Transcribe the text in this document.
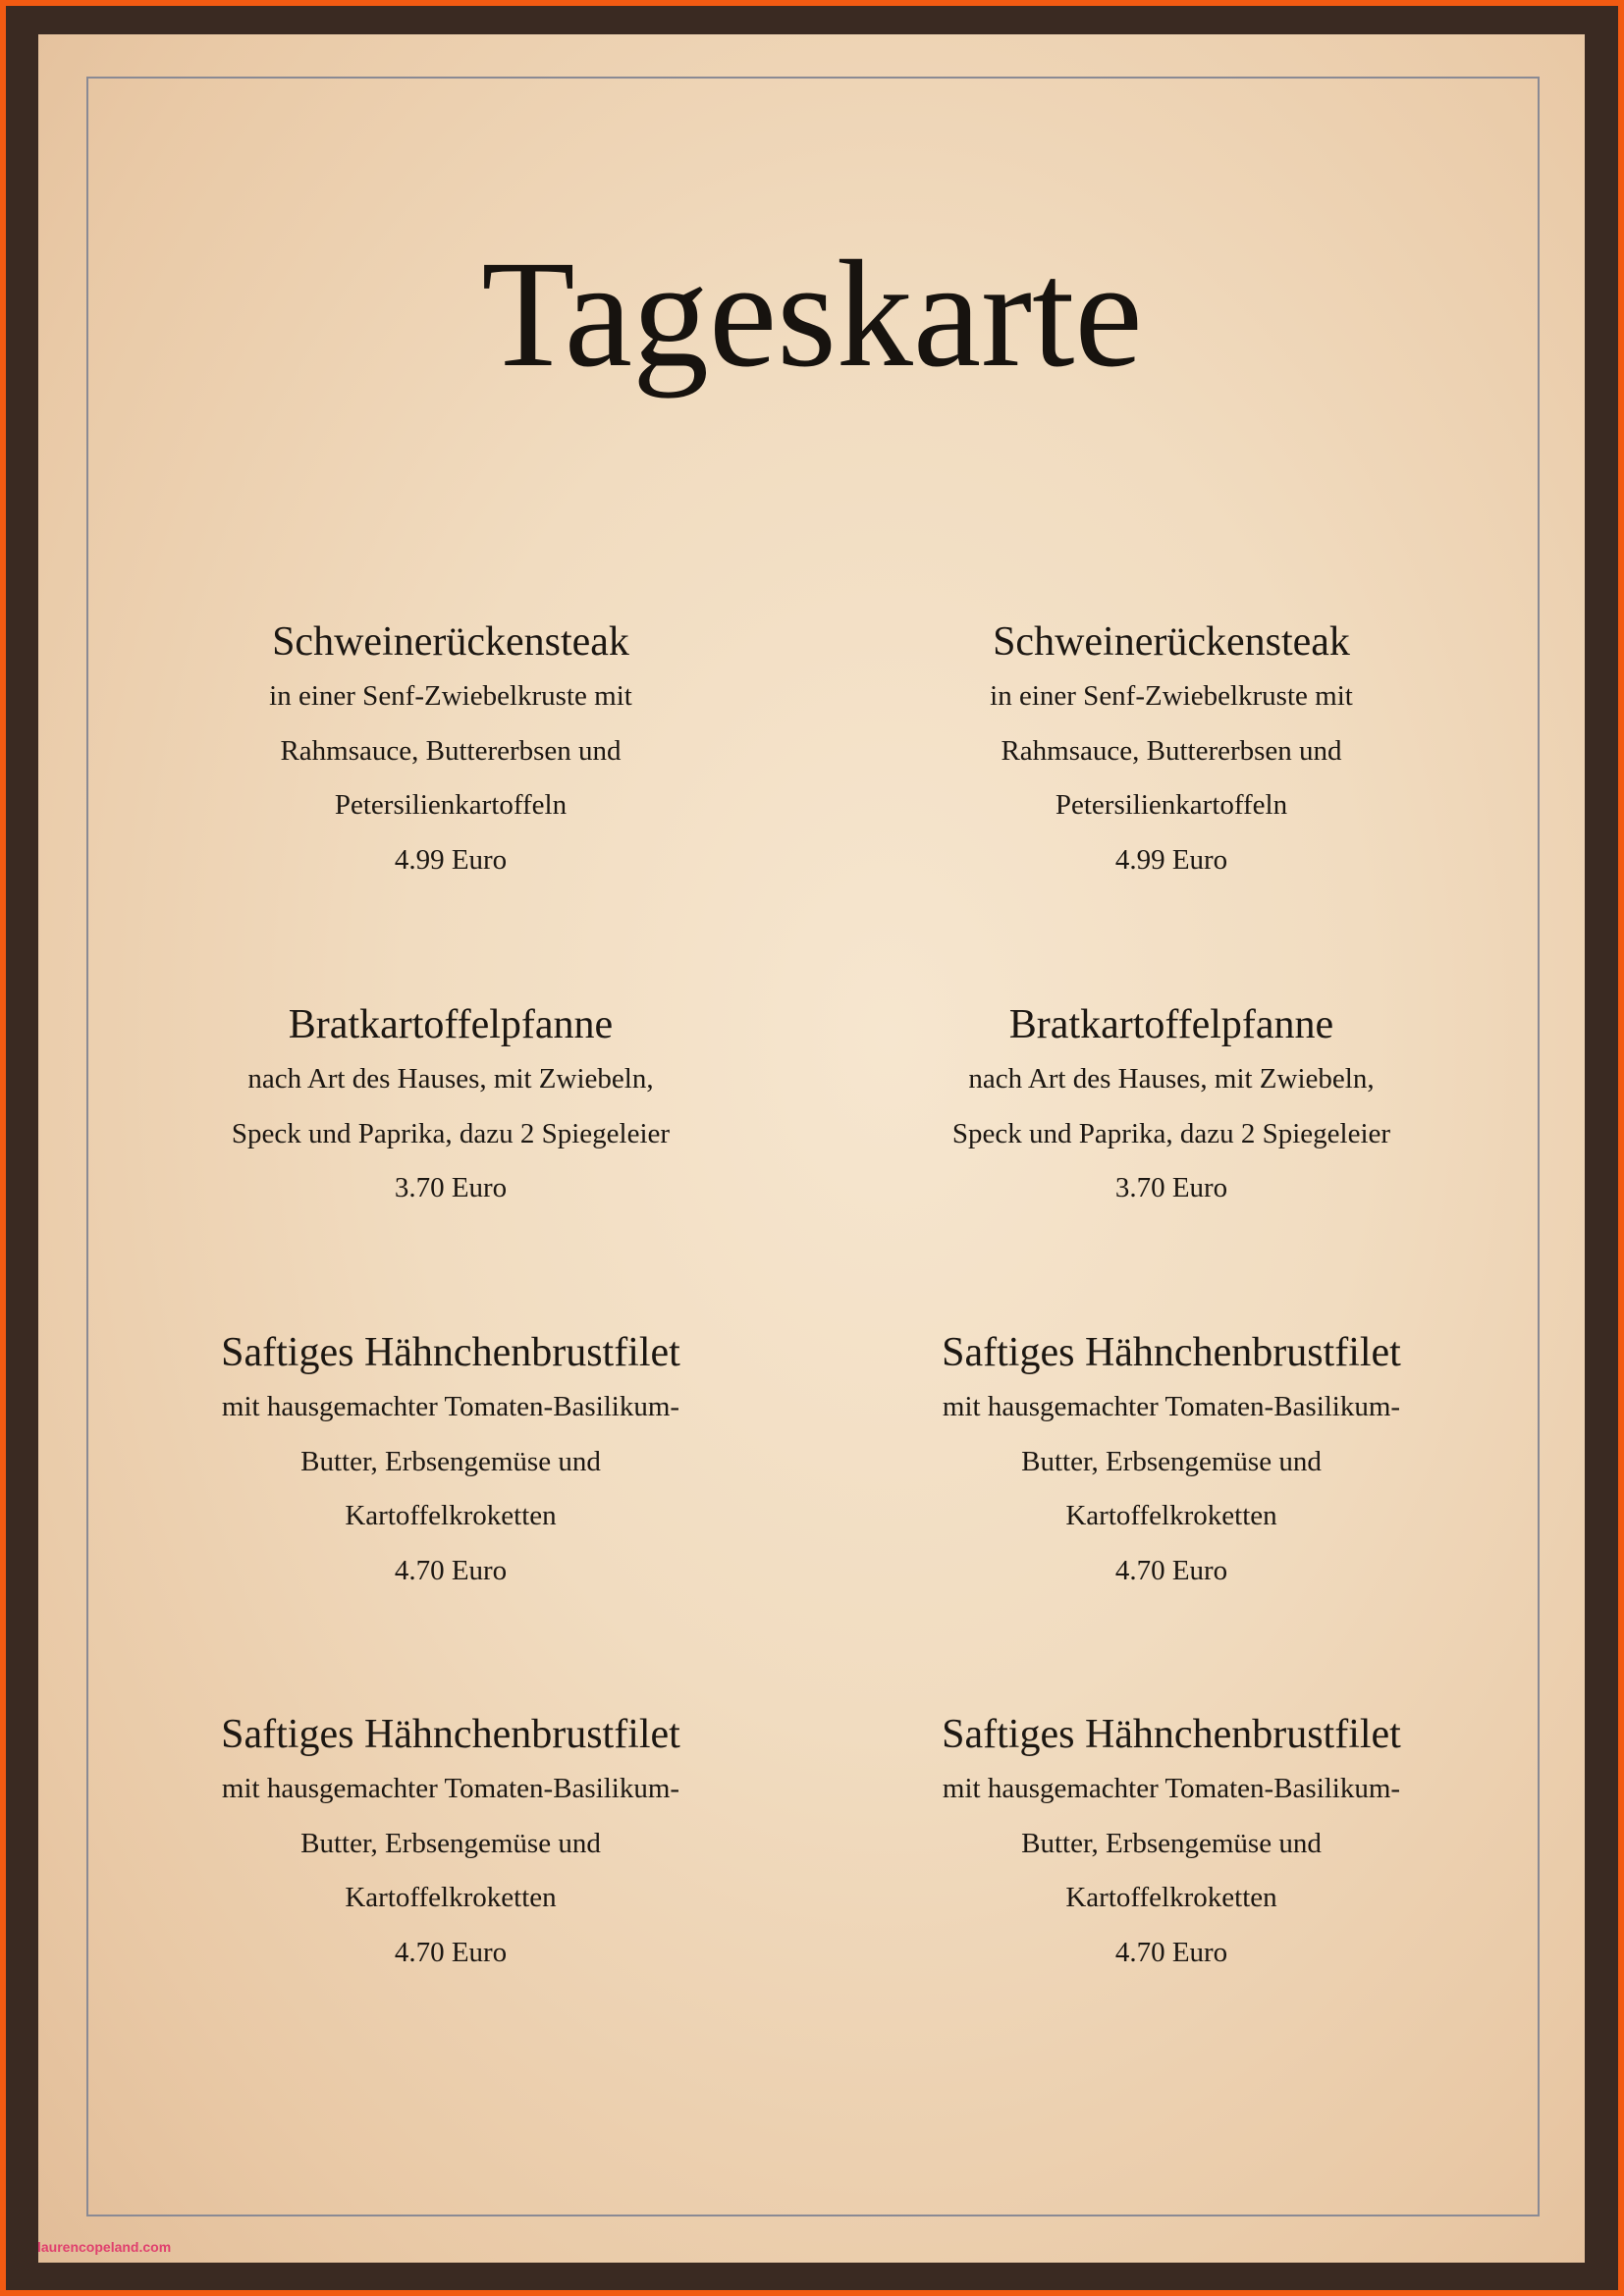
Tageskarte
Schweinerückensteak
in einer Senf-Zwiebelkruste mit
Rahmsauce, Buttererbsen und
Petersilienkartoffeln
4.99 Euro
Schweinerückensteak
in einer Senf-Zwiebelkruste mit
Rahmsauce, Buttererbsen und
Petersilienkartoffeln
4.99 Euro
Bratkartoffelpfanne
nach Art des Hauses, mit Zwiebeln,
Speck und Paprika, dazu 2 Spiegeleier
3.70 Euro
Bratkartoffelpfanne
nach Art des Hauses, mit Zwiebeln,
Speck und Paprika, dazu 2 Spiegeleier
3.70 Euro
Saftiges Hähnchenbrustfilet
mit hausgemachter Tomaten-Basilikum-
Butter, Erbsengemüse und
Kartoffelkroketten
4.70 Euro
Saftiges Hähnchenbrustfilet
mit hausgemachter Tomaten-Basilikum-
Butter, Erbsengemüse und
Kartoffelkroketten
4.70 Euro
Saftiges Hähnchenbrustfilet
mit hausgemachter Tomaten-Basilikum-
Butter, Erbsengemüse und
Kartoffelkroketten
4.70 Euro
Saftiges Hähnchenbrustfilet
mit hausgemachter Tomaten-Basilikum-
Butter, Erbsengemüse und
Kartoffelkroketten
4.70 Euro
laurencopeland.com
